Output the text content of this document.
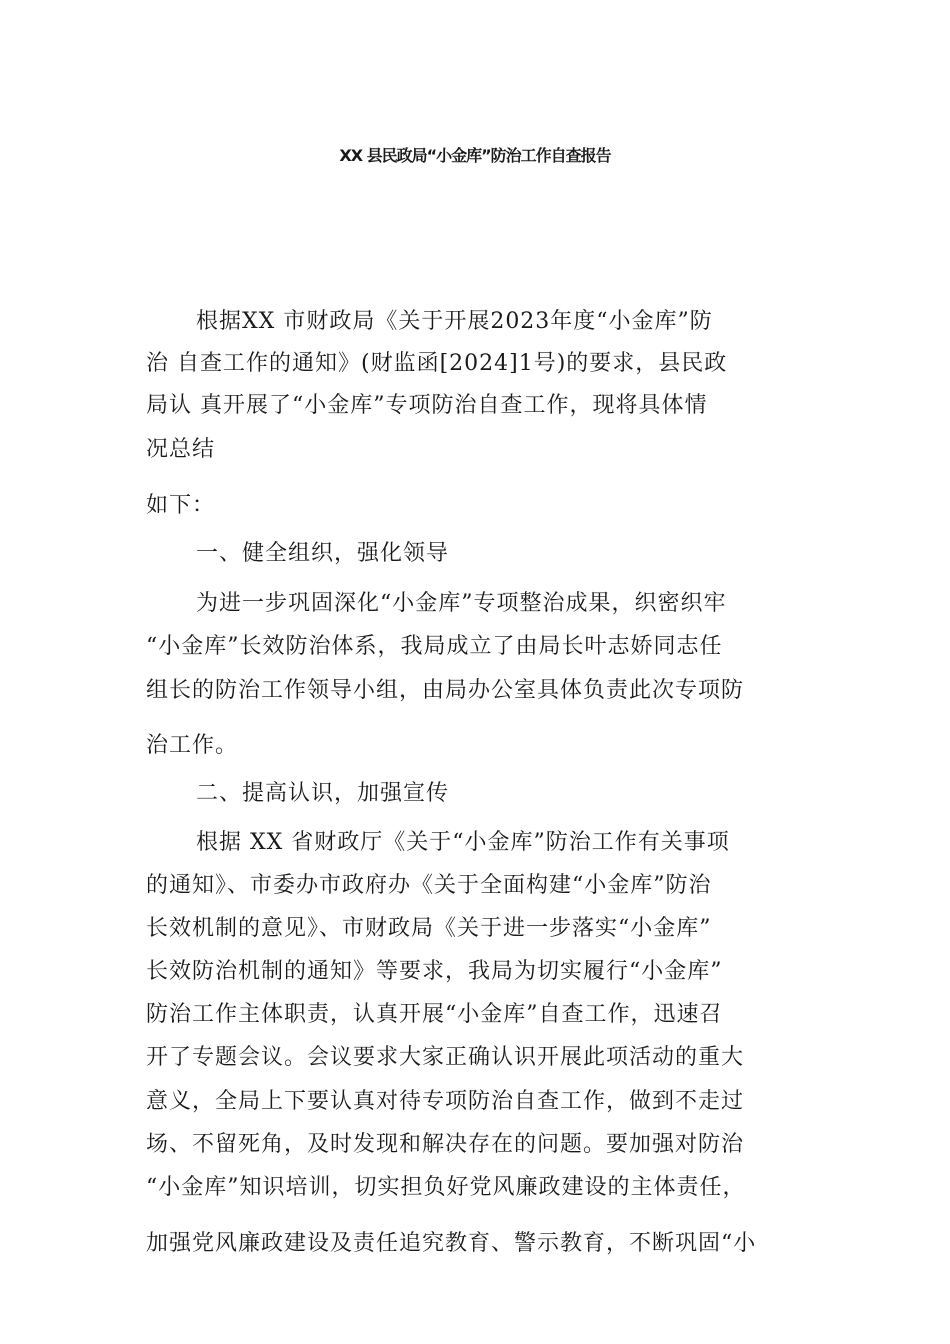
XX 县民政局“小金库”防治工作自查报告
根据XX 市财政局《关于开展2023年度“小金库”防
治 自查工作的通知》(财监函[2024]1号)的要求，县民政
局认 真开展了“小金库”专项防治自查工作，现将具体情
况总结
如下：
一、健全组织，强化领导
为进一步巩固深化“小金库”专项整治成果，织密织牢
“小金库”长效防治体系，我局成立了由局长叶志娇同志任
组长的防治工作领导小组，由局办公室具体负责此次专项防
治工作。
二、提高认识，加强宣传
根据 XX 省财政厅《关于“小金库”防治工作有关事项
的通知》、市委办市政府办《关于全面构建“小金库”防治
长效机制的意见》、市财政局《关于进一步落实“小金库”
长效防治机制的通知》等要求，我局为切实履行“小金库”
防治工作主体职责，认真开展“小金库”自查工作，迅速召
开了专题会议。会议要求大家正确认识开展此项活动的重大
意义，全局上下要认真对待专项防治自查工作，做到不走过
场、不留死角，及时发现和解决存在的问题。要加强对防治
“小金库”知识培训，切实担负好党风廉政建设的主体责任，
加强党风廉政建设及责任追究教育、警示教育，不断巩固“小
